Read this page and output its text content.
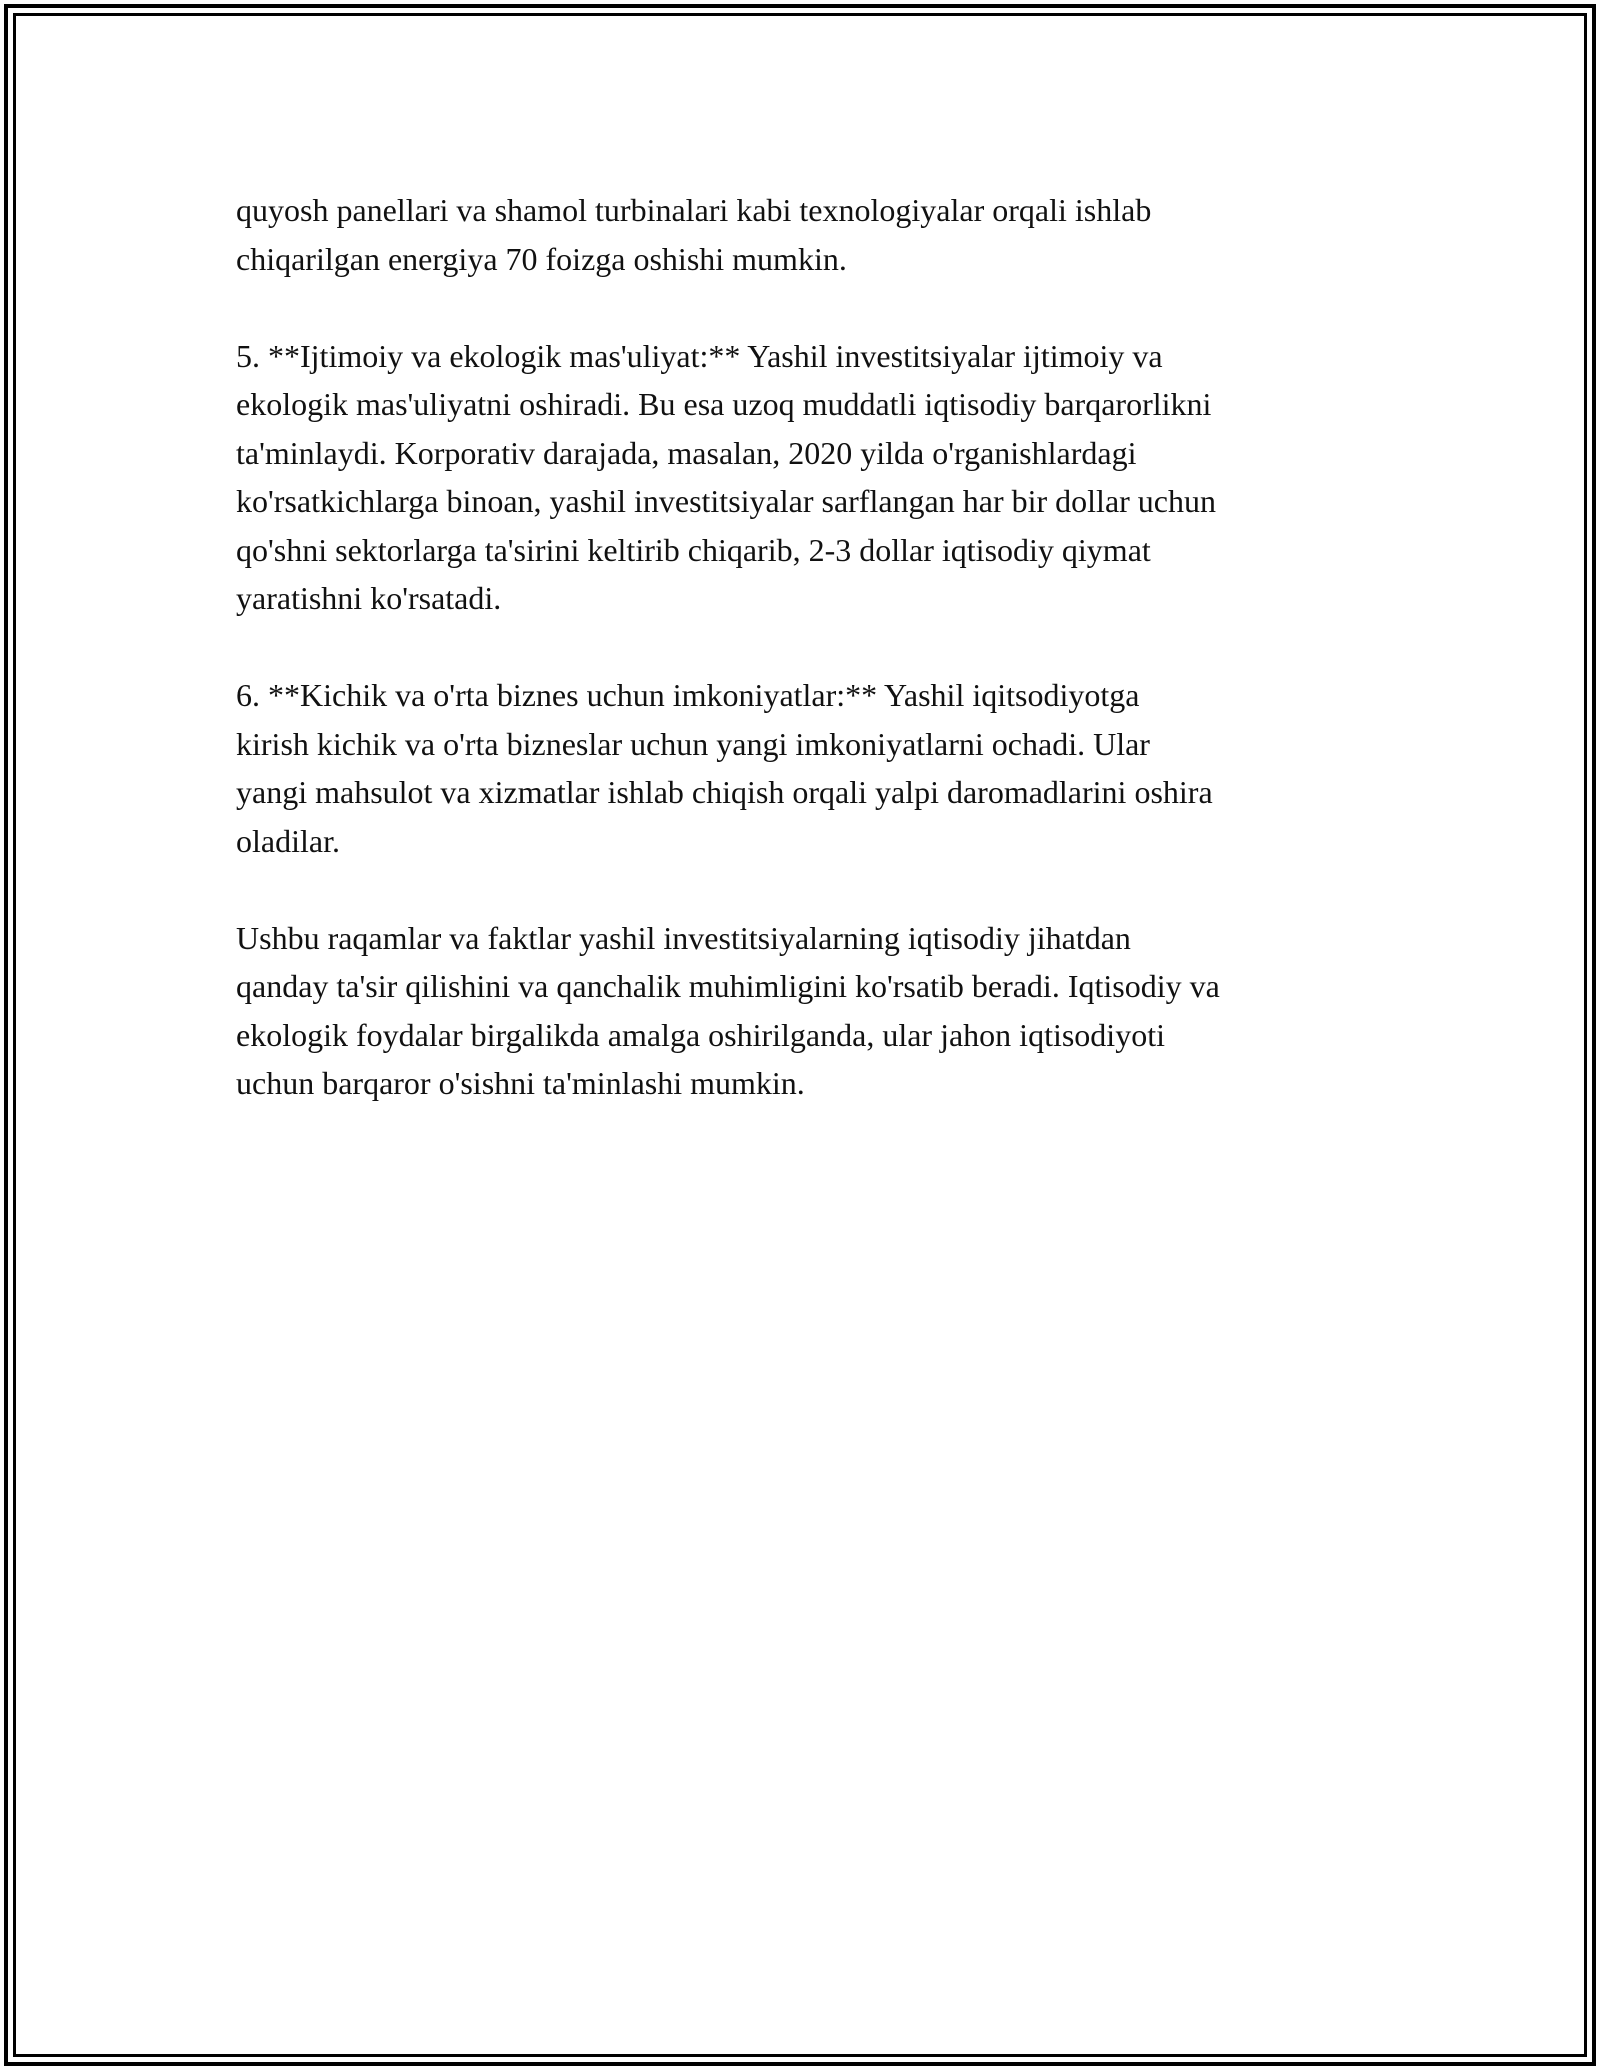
quyosh panellari va shamol turbinalari kabi texnologiyalar orqali ishlab
chiqarilgan energiya 70 foizga oshishi mumkin.

5. **Ijtimoiy va ekologik mas'uliyat:** Yashil investitsiyalar ijtimoiy va
ekologik mas'uliyatni oshiradi. Bu esa uzoq muddatli iqtisodiy barqarorlikni
ta'minlaydi. Korporativ darajada, masalan, 2020 yilda o'rganishlardagi
ko'rsatkichlarga binoan, yashil investitsiyalar sarflangan har bir dollar uchun
qo'shni sektorlarga ta'sirini keltirib chiqarib, 2-3 dollar iqtisodiy qiymat
yaratishni ko'rsatadi.

6. **Kichik va o'rta biznes uchun imkoniyatlar:** Yashil iqitsodiyotga
kirish kichik va o'rta bizneslar uchun yangi imkoniyatlarni ochadi. Ular
yangi mahsulot va xizmatlar ishlab chiqish orqali yalpi daromadlarini oshira
oladilar.

Ushbu raqamlar va faktlar yashil investitsiyalarning iqtisodiy jihatdan
qanday ta'sir qilishini va qanchalik muhimligini ko'rsatib beradi. Iqtisodiy va
ekologik foydalar birgalikda amalga oshirilganda, ular jahon iqtisodiyoti
uchun barqaror o'sishni ta'minlashi mumkin.
